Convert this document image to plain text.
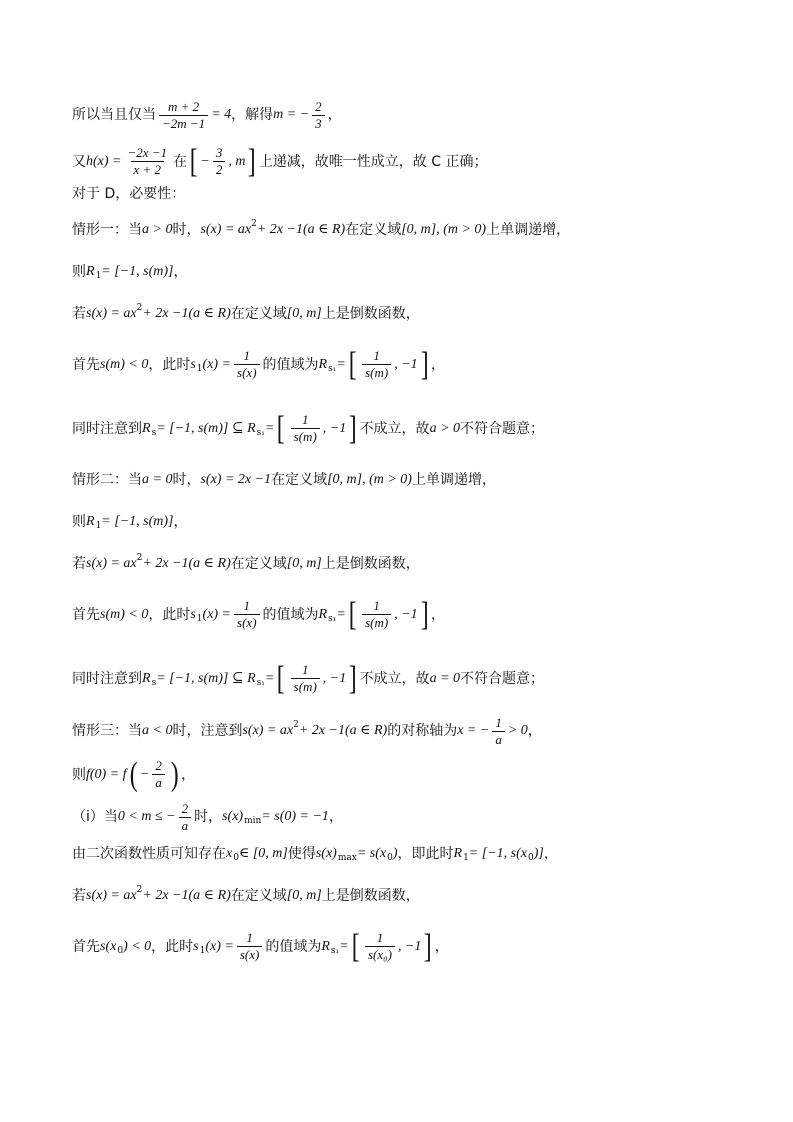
所以当且仅当 $\frac{m + 2}{-2m -1} = 4$ ，解得 m = − $\frac{2}{3}$ ，
又 $h(x) = \frac{-2x -1}{x + 2}$ 在 [ − $\frac{3}{2}$ , m ] 上递减，故唯一性成立，故 C 正确；
对于 D，必要性：
情形一：当 a > 0 时， s(x) = ax 2 + 2x −1(a ∈ R) 在定义域 [0, m], (m > 0) 上单调递增，
则 R 1 = [−1, s(m)] ，
若 s(x) = ax 2 + 2x −1(a ∈ R) 在定义域 [0, m] 上是倒数函数，
首先 s(m) < 0 ，此时 s 1 $(x) = \frac{1}{s(x)}$ 的值域为 R s₁ = [ $\frac{1}{s(m)}$ , −1 ] ，
同时注意到 R s = [−1, s(m)] ⊆ R s₁ = [ $\frac{1}{s(m)}$ , −1 ] 不成立，故 a > 0 不符合题意；
情形二：当 a = 0 时， s(x) = 2x −1 在定义域 [0, m], (m > 0) 上单调递增，
则 R 1 = [−1, s(m)] ，
若 s(x) = ax 2 + 2x −1(a ∈ R) 在定义域 [0, m] 上是倒数函数，
首先 s(m) < 0 ，此时 s 1 $(x) = \frac{1}{s(x)}$ 的值域为 R s₁ = [ $\frac{1}{s(m)}$ , −1 ] ，
同时注意到 R s = [−1, s(m)] ⊆ R s₁ = [ $\frac{1}{s(m)}$ , −1 ] 不成立，故 a = 0 不符合题意；
情形三：当 a < 0 时，注意到 s(x) = ax 2 + 2x −1(a ∈ R) 的对称轴为 x = − $\frac{1}{a} > 0$ ，
则 f(0) = f ( − $\frac{2}{a}$ ) ，
（i）当 0 < m ≤ − $\frac{2}{a}$ 时， s(x) min = s(0) = −1 ，
由二次函数性质可知存在 x 0 ∈ [0, m] 使得 s(x) max = s(x 0 ) ，即此时 R 1 = [−1, s(x 0 )] ，
若 s(x) = ax 2 + 2x −1(a ∈ R) 在定义域 [0, m] 上是倒数函数，
首先 s(x 0 ) < 0 ，此时 s 1 $(x) = \frac{1}{s(x)}$ 的值域为 R s₁ = [ $\frac{1}{\text{s(x₀)}}$ , −1 ] ，
